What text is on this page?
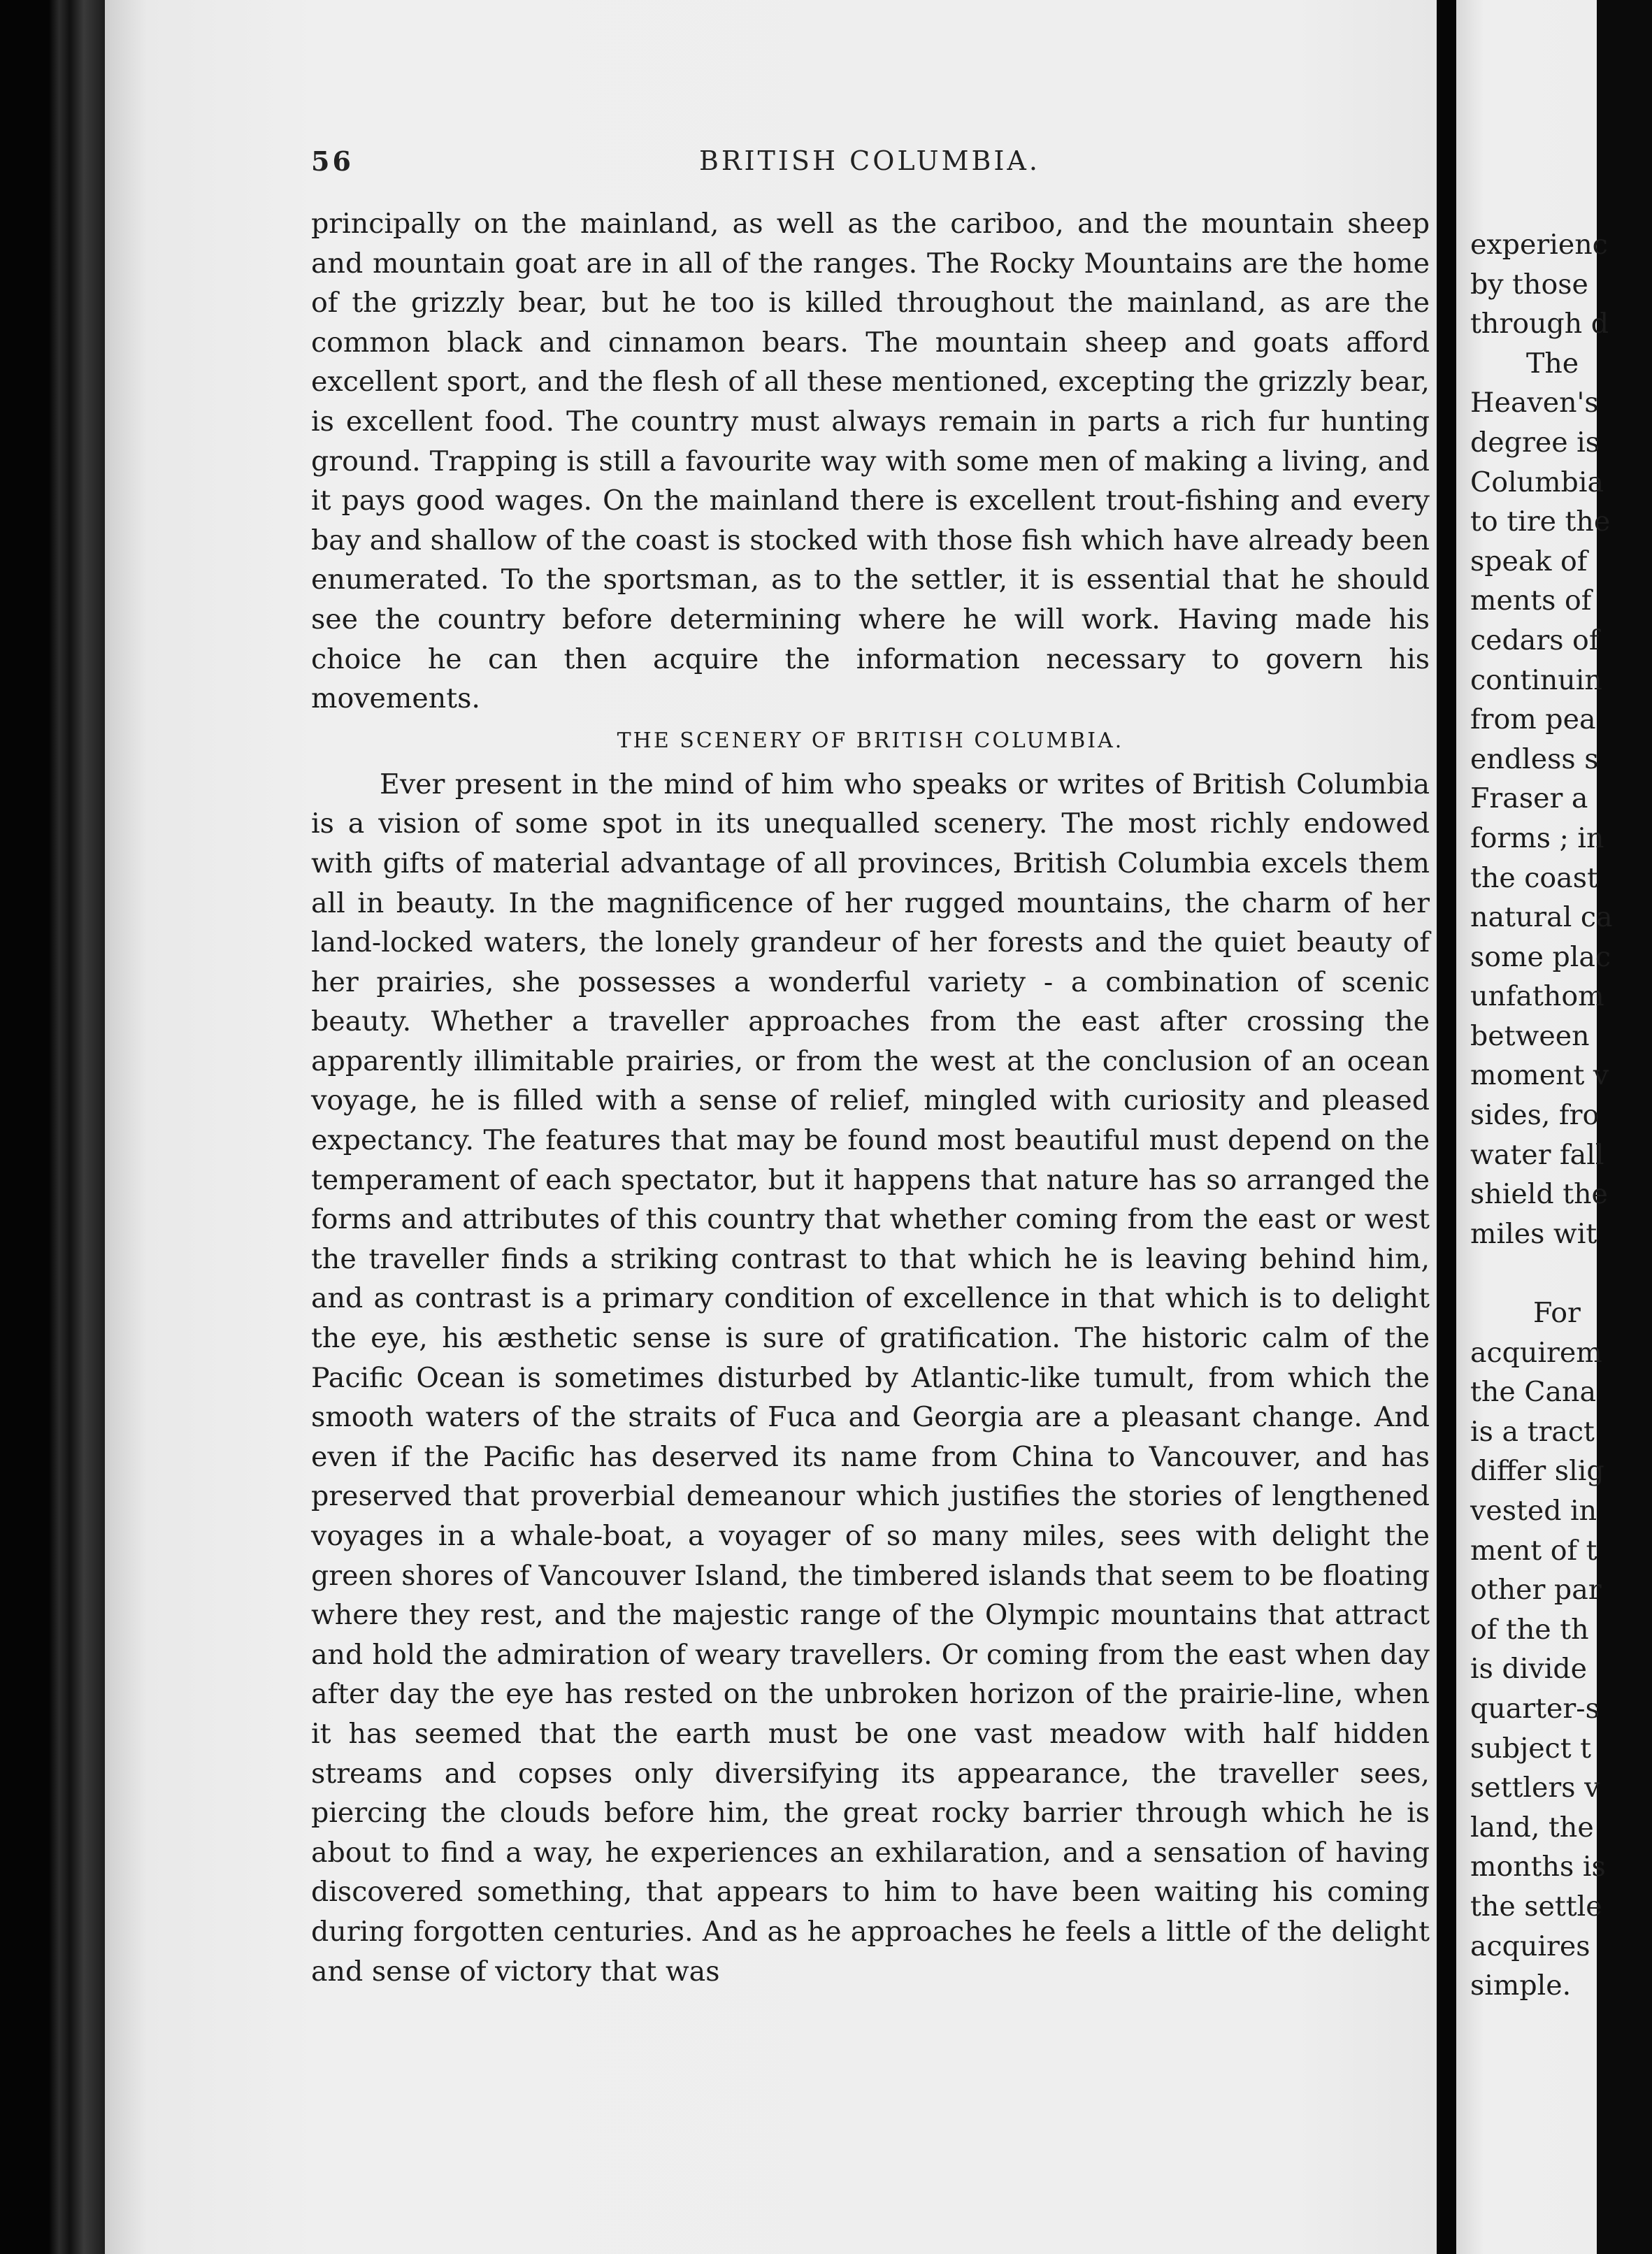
56	BRITISH COLUMBIA.

principally on the mainland, as well as the cariboo, and the mountain sheep and mountain goat are in all of the ranges. The Rocky Mountains are the home of the grizzly bear, but he too is killed throughout the mainland, as are the common black and cinnamon bears. The mountain sheep and goats afford excellent sport, and the flesh of all these mentioned, excepting the grizzly bear, is excellent food. The country must always remain in parts a rich fur hunting ground. Trapping is still a favourite way with some men of making a living, and it pays good wages. On the mainland there is excellent trout-fishing and every bay and shallow of the coast is stocked with those fish which have already been enumerated. To the sportsman, as to the settler, it is essential that he should see the country before determining where he will work. Having made his choice he can then acquire the information necessary to govern his movements.

THE SCENERY OF BRITISH COLUMBIA.

Ever present in the mind of him who speaks or writes of British Columbia is a vision of some spot in its unequalled scenery. The most richly endowed with gifts of material advantage of all provinces, British Columbia excels them all in beauty. In the magnificence of her rugged mountains, the charm of her land-locked waters, the lonely grandeur of her forests and the quiet beauty of her prairies, she possesses a wonderful variety - a combination of scenic beauty. Whether a traveller approaches from the east after crossing the apparently illimitable prairies, or from the west at the conclusion of an ocean voyage, he is filled with a sense of relief, mingled with curiosity and pleased expectancy. The features that may be found most beautiful must depend on the temperament of each spectator, but it happens that nature has so arranged the forms and attributes of this country that whether coming from the east or west the traveller finds a striking contrast to that which he is leaving behind him, and as contrast is a primary condition of excellence in that which is to delight the eye, his æsthetic sense is sure of gratification. The historic calm of the Pacific Ocean is sometimes disturbed by Atlantic-like tumult, from which the smooth waters of the straits of Fuca and Georgia are a pleasant change. And even if the Pacific has deserved its name from China to Vancouver, and has preserved that proverbial demeanour which justifies the stories of lengthened voyages in a whale-boat, a voyager of so many miles, sees with delight the green shores of Vancouver Island, the timbered islands that seem to be floating where they rest, and the majestic range of the Olympic mountains that attract and hold the admiration of weary travellers. Or coming from the east when day after day the eye has rested on the unbroken horizon of the prairie-line, when it has seemed that the earth must be one vast meadow with half hidden streams and copses only diversifying its appearance, the traveller sees, piercing the clouds before him, the great rocky barrier through which he is about to find a way, he experiences an exhilaration, and a sensation of having discovered something, that appears to him to have been waiting his coming during forgotten centuries. And as he approaches he feels a little of the delight and sense of victory that was

experienc
by those
through d
The
Heaven's
degree is
Columbia
to tire the
speak of
ments of
cedars of
continuin
from pea
endless s
Fraser a
forms ; in
the coast
natural ca
some plac
unfathom
between
moment v
sides, fro
water fall
shield the
miles wit
For
acquirem
the Cana
is a tract
differ slig
vested in
ment of t
other par
of the th
is divide
quarter-s
subject t
settlers v
land, the
months is
the settle
acquires
simple.
